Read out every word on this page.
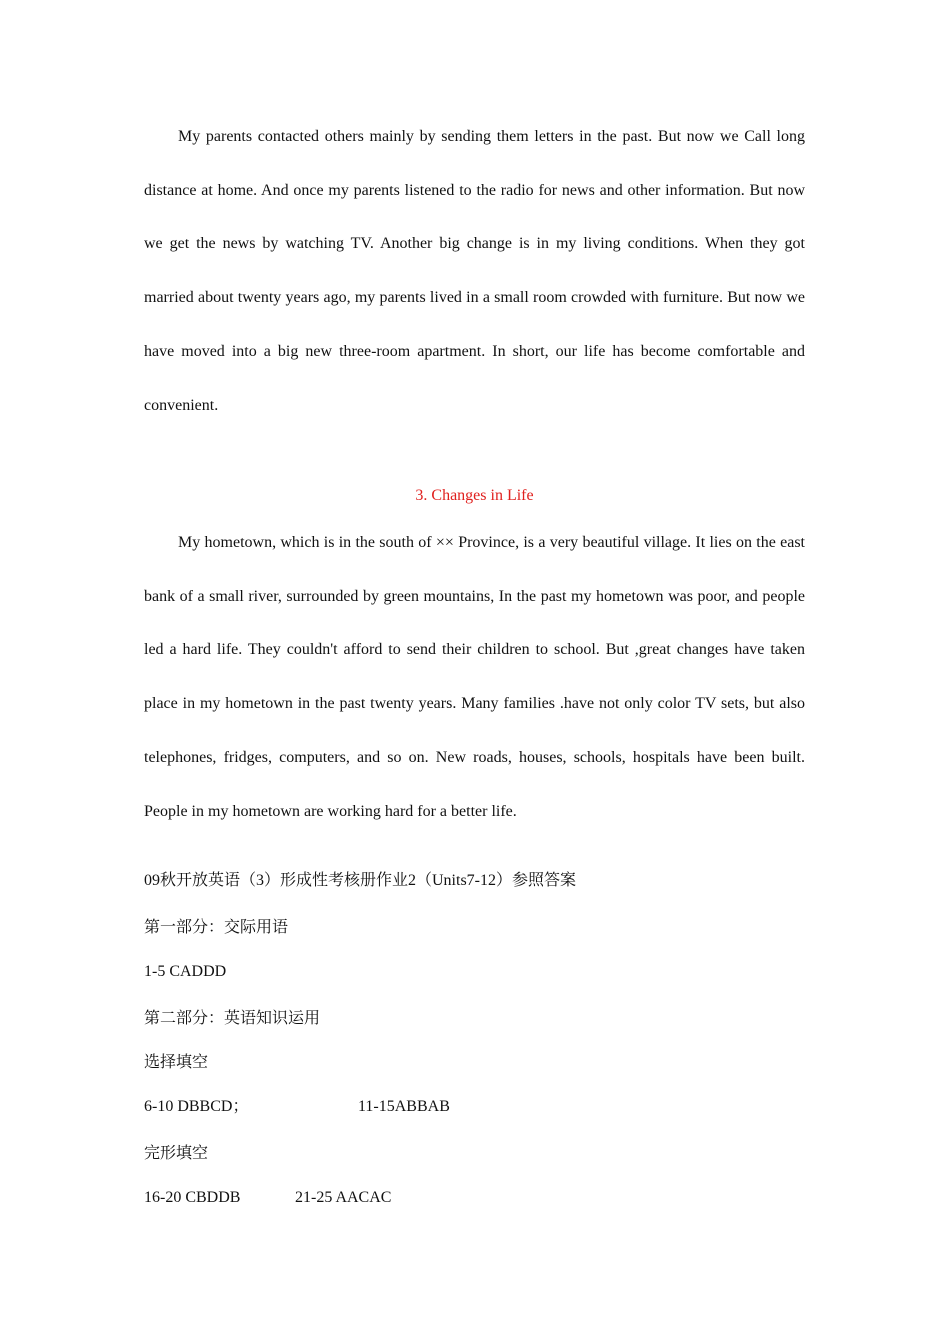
My parents contacted others mainly by sending them letters in the past. But now we Call long distance at home. And once my parents listened to the radio for news and other information. But now we get the news by watching TV. Another big change is in my living conditions. When they got married about twenty years ago, my parents lived in a small room crowded with furniture. But now we have moved into a big new three-room apartment. In short, our life has become comfortable and convenient.

3. Changes in Life

My hometown, which is in the south of ×× Province, is a very beautiful village. It lies on the east bank of a small river, surrounded by green mountains, In the past my hometown was poor, and people led a hard life. They couldn't afford to send their children to school. But ,great changes have taken place in my hometown in the past twenty years. Many families .have not only color TV sets, but also telephones, fridges, computers, and so on. New roads, houses, schools, hospitals have been built. People in my hometown are working hard for a better life.

09秋开放英语（3）形成性考核册作业2（Units7-12）参照答案
第一部分：交际用语
1-5 CADDD
第二部分：英语知识运用
选择填空
6-10 DBBCD；	11-15ABBAB
完形填空
16-20 CBDDB	21-25 AACAC
